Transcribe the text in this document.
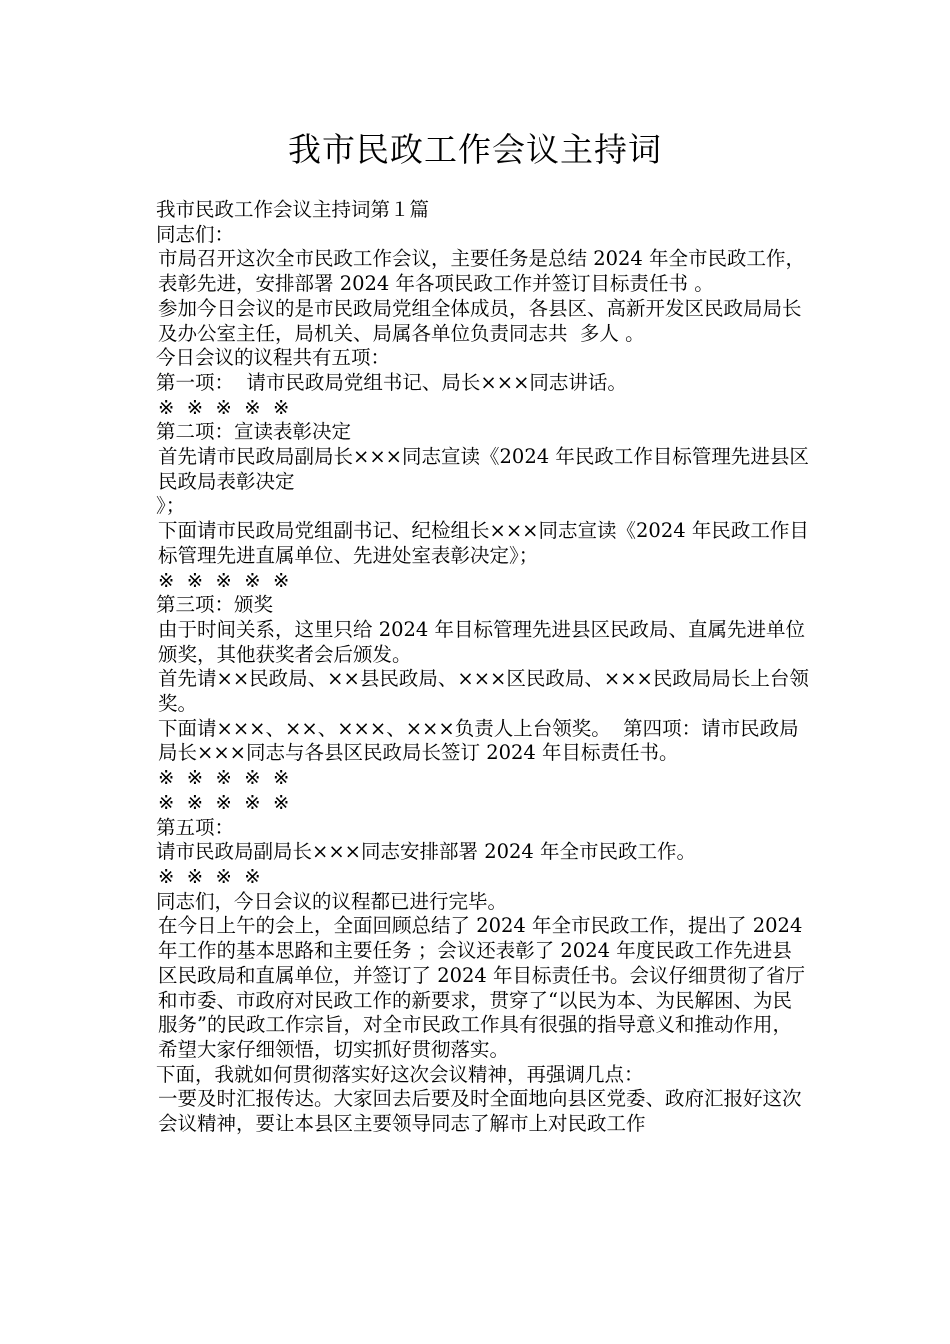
我市民政工作会议主持词

我市民政工作会议主持词第１篇

同志们：

市局召开这次全市民政工作会议，主要任务是总结 2024 年全市民政工作，表彰先进，安排部署 2024 年各项民政工作并签订目标责任书 。

参加今日会议的是市民政局党组全体成员，各县区、高新开发区民政局局长及办公室主任，局机关、局属各单位负责同志共  多人 。

今日会议的议程共有五项：

第一项：  请市民政局党组书记、局长×××同志讲话。

※  ※  ※  ※  ※

第二项：宣读表彰决定

首先请市民政局副局长×××同志宣读《2024 年民政工作目标管理先进县区民政局表彰决定

》；

下面请市民政局党组副书记、纪检组长×××同志宣读《2024 年民政工作目标管理先进直属单位、先进处室表彰决定》；

※  ※  ※  ※  ※

第三项：颁奖

由于时间关系，这里只给 2024 年目标管理先进县区民政局、直属先进单位颁奖，其他获奖者会后颁发。

首先请××民政局、××县民政局、×××区民政局、×××民政局局长上台领奖。

下面请×××、××、×××、×××负责人上台领奖。  第四项：请市民政局局长×××同志与各县区民政局长签订 2024 年目标责任书。

※  ※  ※  ※  ※

※  ※  ※  ※  ※

第五项：

请市民政局副局长×××同志安排部署 2024 年全市民政工作。

※  ※  ※  ※

同志们，今日会议的议程都已进行完毕。

在今日上午的会上，全面回顾总结了 2024 年全市民政工作，提出了 2024 年工作的基本思路和主要任务 ；会议还表彰了 2024 年度民政工作先进县区民政局和直属单位，并签订了 2024 年目标责任书。会议仔细贯彻了省厅和市委、市政府对民政工作的新要求，贯穿了“以民为本、为民解困、为民服务”的民政工作宗旨，对全市民政工作具有很强的指导意义和推动作用，希望大家仔细领悟，切实抓好贯彻落实。

下面，我就如何贯彻落实好这次会议精神，再强调几点：

一要及时汇报传达。大家回去后要及时全面地向县区党委、政府汇报好这次会议精神，要让本县区主要领导同志了解市上对民政工作
